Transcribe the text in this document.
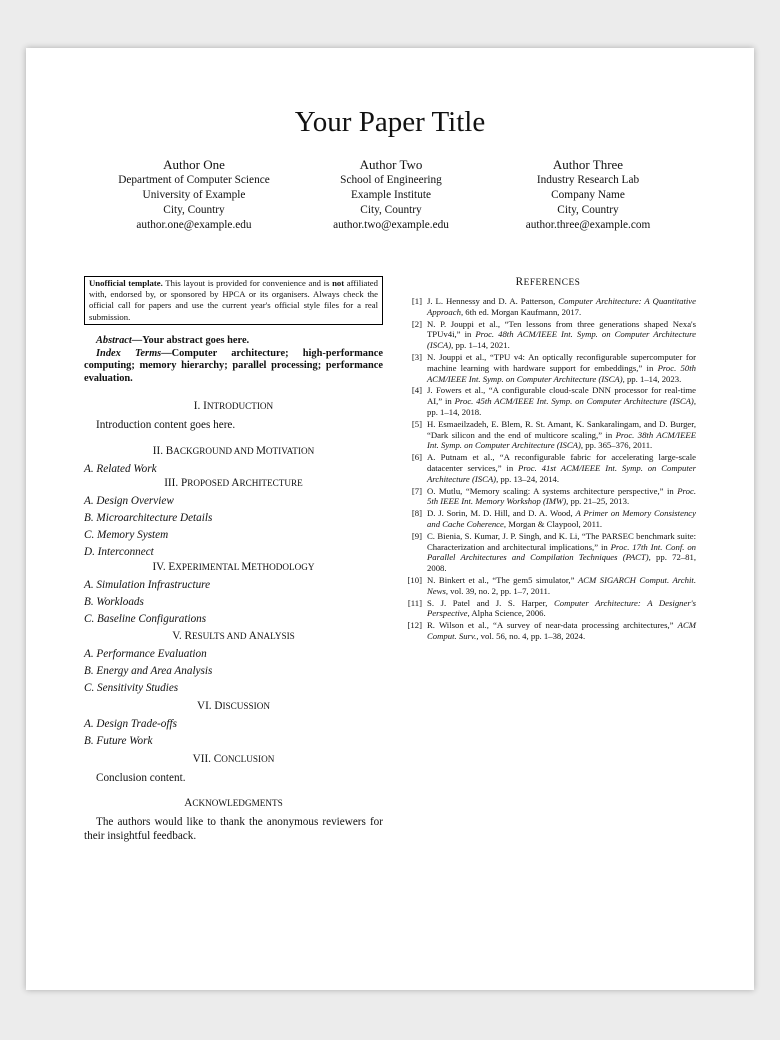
Your Paper Title
Author One
Department of Computer Science
University of Example
City, Country
author.one@example.edu
Author Two
School of Engineering
Example Institute
City, Country
author.two@example.edu
Author Three
Industry Research Lab
Company Name
City, Country
author.three@example.com
Unofficial template. This layout is provided for convenience and is not affiliated with, endorsed by, or sponsored by HPCA or its organisers. Always check the official call for papers and use the current year's official style files for a real submission.

Abstract—Your abstract goes here.

Index Terms—Computer architecture; high-performance computing; memory hierarchy; parallel processing; performance evaluation.

I. INTRODUCTION

Introduction content goes here.

II. BACKGROUND AND MOTIVATION

A. Related Work

III. PROPOSED ARCHITECTURE

A. Design Overview

B. Microarchitecture Details

C. Memory System

D. Interconnect

IV. EXPERIMENTAL METHODOLOGY

A. Simulation Infrastructure

B. Workloads

C. Baseline Configurations

V. RESULTS AND ANALYSIS

A. Performance Evaluation

B. Energy and Area Analysis

C. Sensitivity Studies

VI. DISCUSSION

A. Design Trade-offs

B. Future Work

VII. CONCLUSION

Conclusion content.

ACKNOWLEDGMENTS

The authors would like to thank the anonymous reviewers for their insightful feedback.

REFERENCES
[1] J. L. Hennessy and D. A. Patterson, Computer Architecture: A Quantitative Approach, 6th ed. Morgan Kaufmann, 2017.
[2] N. P. Jouppi et al., “Ten lessons from three generations shaped Nexa's TPUv4i,” in Proc. 48th ACM/IEEE Int. Symp. on Computer Architecture (ISCA), pp. 1–14, 2021.
[3] N. Jouppi et al., “TPU v4: An optically reconfigurable supercomputer for machine learning with hardware support for embeddings,” in Proc. 50th ACM/IEEE Int. Symp. on Computer Architecture (ISCA), pp. 1–14, 2023.
[4] J. Fowers et al., “A configurable cloud-scale DNN processor for real-time AI,” in Proc. 45th ACM/IEEE Int. Symp. on Computer Architecture (ISCA), pp. 1–14, 2018.
[5] H. Esmaeilzadeh, E. Blem, R. St. Amant, K. Sankaralingam, and D. Burger, “Dark silicon and the end of multicore scaling,” in Proc. 38th ACM/IEEE Int. Symp. on Computer Architecture (ISCA), pp. 365–376, 2011.
[6] A. Putnam et al., “A reconfigurable fabric for accelerating large-scale datacenter services,” in Proc. 41st ACM/IEEE Int. Symp. on Computer Architecture (ISCA), pp. 13–24, 2014.
[7] O. Mutlu, “Memory scaling: A systems architecture perspective,” in Proc. 5th IEEE Int. Memory Workshop (IMW), pp. 21–25, 2013.
[8] D. J. Sorin, M. D. Hill, and D. A. Wood, A Primer on Memory Consistency and Cache Coherence, Morgan & Claypool, 2011.
[9] C. Bienia, S. Kumar, J. P. Singh, and K. Li, “The PARSEC benchmark suite: Characterization and architectural implications,” in Proc. 17th Int. Conf. on Parallel Architectures and Compilation Techniques (PACT), pp. 72–81, 2008.
[10] N. Binkert et al., “The gem5 simulator,” ACM SIGARCH Comput. Archit. News, vol. 39, no. 2, pp. 1–7, 2011.
[11] S. J. Patel and J. S. Harper, Computer Architecture: A Designer's Perspective, Alpha Science, 2006.
[12] R. Wilson et al., “A survey of near-data processing architectures,” ACM Comput. Surv., vol. 56, no. 4, pp. 1–38, 2024.
